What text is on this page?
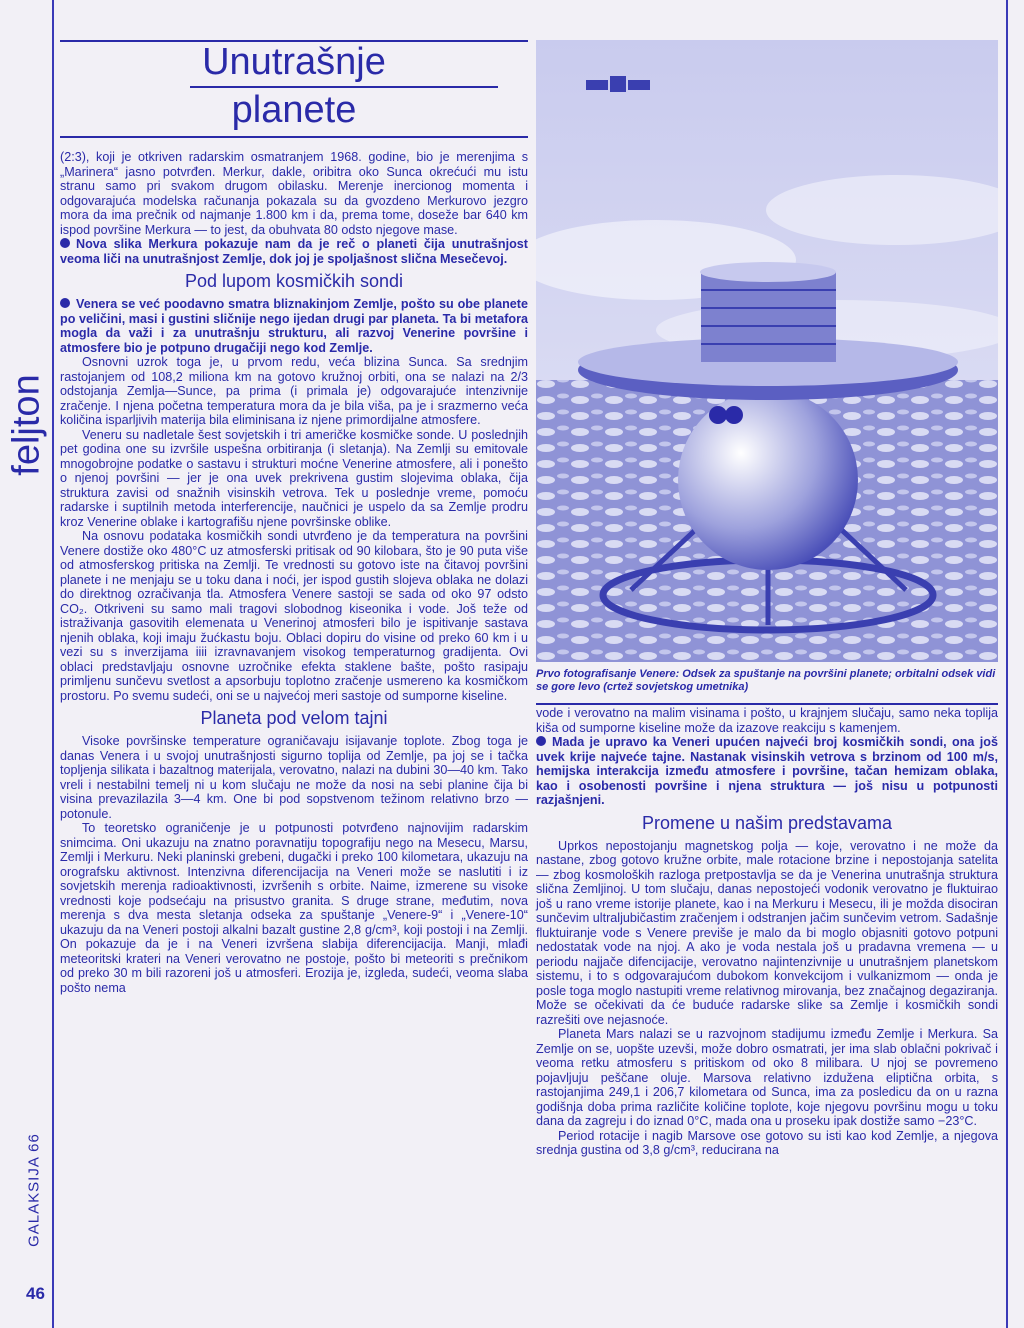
feljton
GALAKSIJA 66
46
Unutrašnje
planete

(2:3), koji je otkriven radarskim osmatranjem 1968. godine, bio je merenjima s „Marinera“ jasno potvrđen. Merkur, dakle, oribitra oko Sunca okrećući mu istu stranu samo pri svakom drugom obilasku. Merenje inercionog momenta i odgovarajuća modelska računanja pokazala su da gvozdeno Merkurovo jezgro mora da ima prečnik od najmanje 1.800 km i da, prema tome, doseže bar 640 km ispod površine Merkura — to jest, da obuhvata 80 odsto njegove mase.

Nova slika Merkura pokazuje nam da je reč o planeti čija unutrašnjost veoma liči na unutrašnjost Zemlje, dok joj je spoljašnost slična Mesečevoj.

Pod lupom kosmičkih sondi

Venera se već poodavno smatra bliznakinjom Zemlje, pošto su obe planete po veličini, masi i gustini sličnije nego ijedan drugi par planeta. Ta bi metafora mogla da važi i za unutrašnju strukturu, ali razvoj Venerine površine i atmosfere bio je potpuno drugačiji nego kod Zemlje.

Osnovni uzrok toga je, u prvom redu, veća blizina Sunca. Sa srednjim rastojanjem od 108,2 miliona km na gotovo kružnoj orbiti, ona se nalazi na 2/3 odstojanja Zemlja—Sunce, pa prima (i primala je) odgovarajuće intenzivnije zračenje. I njena početna temperatura mora da je bila viša, pa je i srazmerno veća količina isparljivih materija bila eliminisana iz njene primordijalne atmosfere.

Veneru su nadletale šest sovjetskih i tri američke kosmičke sonde. U poslednjih pet godina one su izvršile uspešna orbitiranja (i sletanja). Na Zemlji su emitovale mnogobrojne podatke o sastavu i strukturi moćne Venerine atmosfere, ali i ponešto o njenoj površini — jer je ona uvek prekrivena gustim slojevima oblaka, čija struktura zavisi od snažnih visinskih vetrova. Tek u poslednje vreme, pomoću radarske i suptilnih metoda interferencije, naučnici je uspelo da sa Zemlje prodru kroz Venerine oblake i kartografišu njene površinske oblike.

Na osnovu podataka kosmičkih sondi utvrđeno je da temperatura na površini Venere dostiže oko 480°C uz atmosferski pritisak od 90 kilobara, što je 90 puta više od atmosferskog pritiska na Zemlji. Te vrednosti su gotovo iste na čitavoj površini planete i ne menjaju se u toku dana i noći, jer ispod gustih slojeva oblaka ne dolazi do direktnog ozračivanja tla. Atmosfera Venere sastoji se sada od oko 97 odsto CO₂. Otkriveni su samo mali tragovi slobodnog kiseonika i vode. Još teže od istraživanja gasovitih elemenata u Venerinoj atmosferi bilo je ispitivanje sastava njenih oblaka, koji imaju žućkastu boju. Oblaci dopiru do visine od preko 60 km i u vezi su s inverzijama iiii izravnavanjem visokog temperaturnog gradijenta. Ovi oblaci predstavljaju osnovne uzročnike efekta staklene bašte, pošto rasipaju primljenu sunčevu svetlost a apsorbuju toplotno zračenje usmereno ka kosmičkom prostoru. Po svemu sudeći, oni se u najvećoj meri sastoje od sumporne kiseline.

Planeta pod velom tajni

Visoke površinske temperature ograničavaju isijavanje toplote. Zbog toga je danas Venera i u svojoj unutrašnjosti sigurno toplija od Zemlje, pa joj se i tačka topljenja silikata i bazaltnog materijala, verovatno, nalazi na dubini 30—40 km. Tako vreli i nestabilni temelj ni u kom slučaju ne može da nosi na sebi planine čija bi visina prevazilazila 3—4 km. One bi pod sopstvenom težinom relativno brzo — potonule.

To teoretsko ograničenje je u potpunosti potvrđeno najnovijim radarskim snimcima. Oni ukazuju na znatno poravnatiju topografiju nego na Mesecu, Marsu, Zemlji i Merkuru. Neki planinski grebeni, dugački i preko 100 kilometara, ukazuju na orografsku aktivnost. Intenzivna diferencijacija na Veneri može se naslutiti i iz sovjetskih merenja radioaktivnosti, izvršenih s orbite. Naime, izmerene su visoke vrednosti koje podsećaju na prisustvo granita. S druge strane, međutim, nova merenja s dva mesta sletanja odseka za spuštanje „Venere-9“ i „Venere-10“ ukazuju da na Veneri postoji alkalni bazalt gustine 2,8 g/cm³, koji postoji i na Zemlji. On pokazuje da je i na Veneri izvršena slabija diferencijacija. Manji, mlađi meteoritski krateri na Veneri verovatno ne postoje, pošto bi meteoriti s prečnikom od preko 30 m bili razoreni još u atmosferi. Erozija je, izgleda, sudeći, veoma slaba pošto nema

Prvo fotografisanje Venere: Odsek za spuštanje na površini planete; orbitalni odsek vidi se gore levo (crtež sovjetskog umetnika)

vode i verovatno na malim visinama i pošto, u krajnjem slučaju, samo neka toplija kiša od sumporne kiseline može da izazove reakciju s kamenjem.

Mada je upravo ka Veneri upućen najveći broj kosmičkih sondi, ona još uvek krije najveće tajne. Nastanak visinskih vetrova s brzinom od 100 m/s, hemijska interakcija između atmosfere i površine, tačan hemizam oblaka, kao i osobenosti površine i njena struktura — još nisu u potpunosti razjašnjeni.

Promene u našim predstavama

Uprkos nepostojanju magnetskog polja — koje, verovatno i ne može da nastane, zbog gotovo kružne orbite, male rotacione brzine i nepostojanja satelita — zbog kosmoloških razloga pretpostavlja se da je Venerina unutrašnja struktura slična Zemljinoj. U tom slučaju, danas nepostojeći vodonik verovatno je fluktuirao još u rano vreme istorije planete, kao i na Merkuru i Mesecu, ili je možda disociran sunčevim ultraljubičastim zračenjem i odstranjen jačim sunčevim vetrom. Sadašnje fluktuiranje vode s Venere previše je malo da bi moglo objasniti gotovo potpuni nedostatak vode na njoj. A ako je voda nestala još u pradavna vremena — u periodu najjače difencijacije, verovatno najintenzivnije u unutrašnjem planetskom sistemu, i to s odgovarajućom dubokom konvekcijom i vulkanizmom — onda je posle toga moglo nastupiti vreme relativnog mirovanja, bez značajnog degaziranja. Može se očekivati da će buduće radarske slike sa Zemlje i kosmičkih sondi razrešiti ove nejasnoće.

Planeta Mars nalazi se u razvojnom stadijumu između Zemlje i Merkura. Sa Zemlje on se, uopšte uzevši, može dobro osmatrati, jer ima slab oblačni pokrivač i veoma retku atmosferu s pritiskom od oko 8 milibara. U njoj se povremeno pojavljuju peščane oluje. Marsova relativno izdužena eliptična orbita, s rastojanjima 249,1 i 206,7 kilometara od Sunca, ima za posledicu da on u razna godišnja doba prima različite količine toplote, koje njegovu površinu mogu u toku dana da zagreju i do iznad 0°C, mada ona u proseku ipak dostiže samo −23°C.

Period rotacije i nagib Marsove ose gotovo su isti kao kod Zemlje, a njegova srednja gustina od 3,8 g/cm³, reducirana na
